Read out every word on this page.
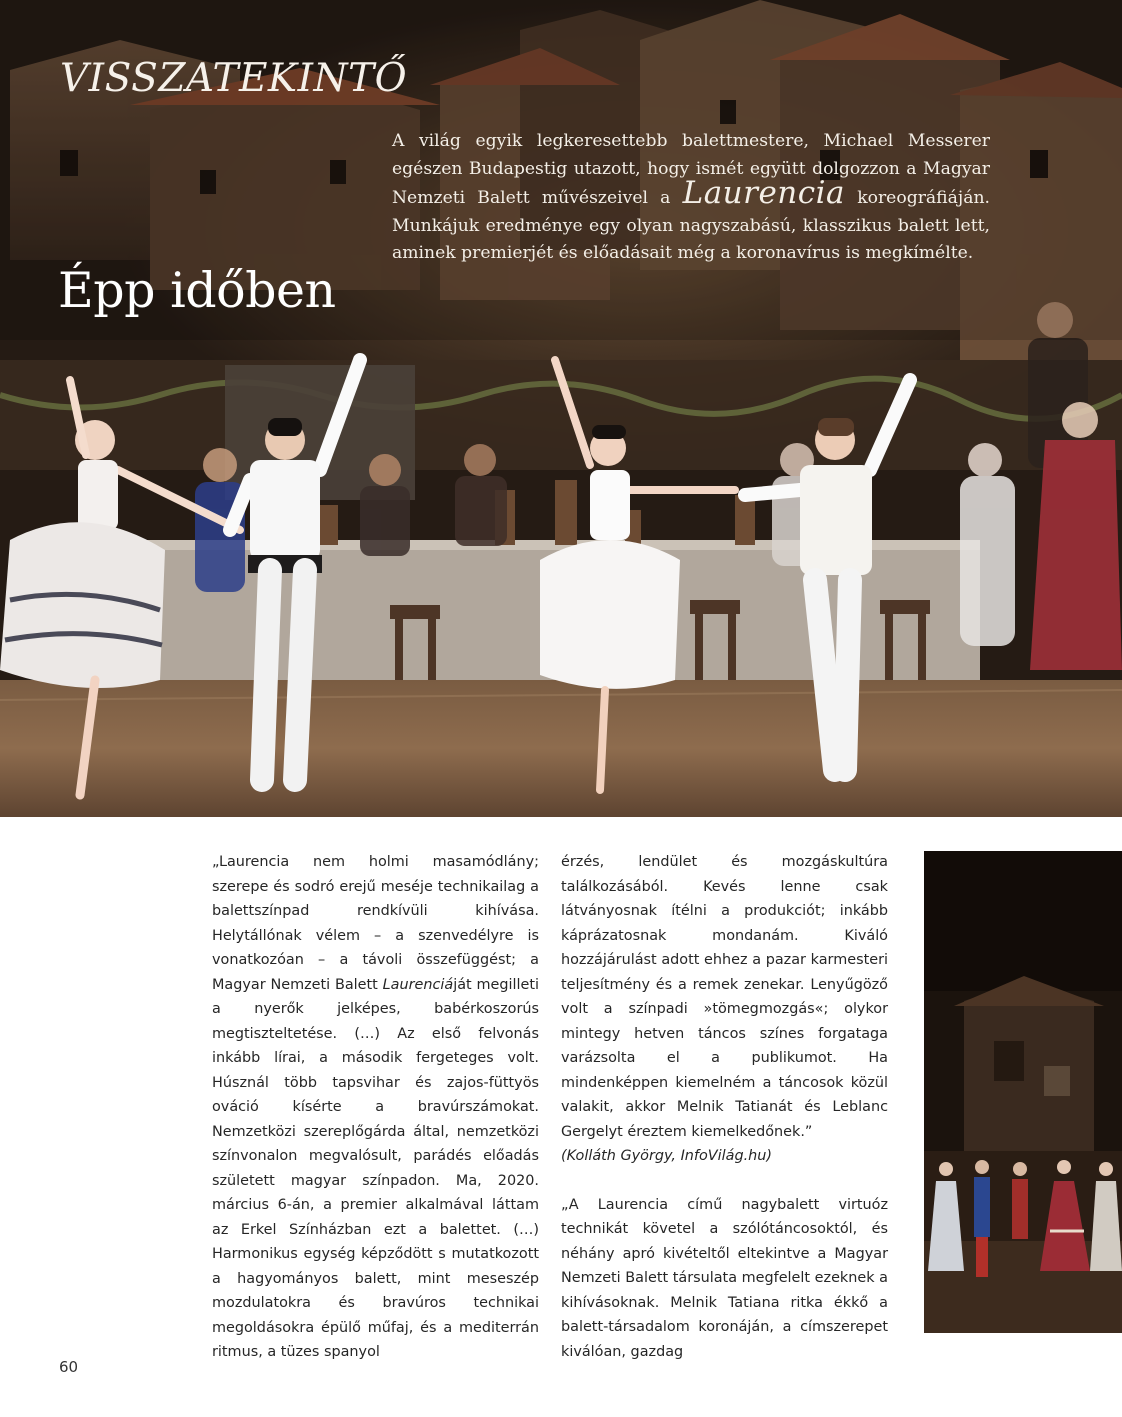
VISSZATEKINTŐ
Épp időben

A világ egyik legkeresettebb balettmestere, Michael Messerer egészen Budapestig utazott, hogy ismét együtt dolgozzon a Magyar Nemzeti Balett művészeivel a Laurencia koreográfiáján. Munkájuk eredménye egy olyan nagyszabású, klasszikus balett lett, aminek premierjét és előadásait még a koronavírus is megkímélte.

„Laurencia nem holmi masamódlány; szerepe és sodró erejű meséje technikailag a balettszínpad rendkívüli kihívása. Helytállónak vélem – a szenvedélyre is vonatkozóan – a távoli összefüggést; a Magyar Nemzeti Balett Laurenciáját megilleti a nyerők jelképes, babérkoszorús megtiszteltetése. (…) Az első felvonás inkább lírai, a második fergeteges volt. Húsznál több tapsvihar és zajos-füttyös ováció kísérte a bravúrszámokat. Nemzetközi szereplőgárda által, nemzetközi színvonalon megvalósult, parádés előadás született magyar színpadon. Ma, 2020. március 6-án, a premier alkalmával láttam az Erkel Színházban ezt a balettet. (…) Harmonikus egység képződött s mutatkozott a hagyományos balett, mint meseszép mozdulatokra és bravúros technikai megoldásokra épülő műfaj, és a mediterrán ritmus, a tüzes spanyol

érzés, lendület és mozgáskultúra találkozásából. Kevés lenne csak látványosnak ítélni a produkciót; inkább káprázatosnak mondanám. Kiváló hozzájárulást adott ehhez a pazar karmesteri teljesítmény és a remek zenekar. Lenyűgöző volt a színpadi »tömegmozgás«; olykor mintegy hetven táncos színes forgatagа varázsolta el a publikumot. Ha mindenképpen kiemelném a táncosok közül valakit, akkor Melnik Tatianát és Leblanc Gergelyt éreztem kiemelkedőnek.”

(Kolláth György, InfoVilág.hu)

„A Laurencia című nagybalett virtuóz technikát követel a szólótáncosoktól, és néhány apró kivételtől eltekintve a Magyar Nemzeti Balett társulata megfelelt ezeknek a kihívásoknak. Melnik Tatiana ritka ékkő a balett-társadalom koronáján, a címszerepet kiválóan, gazdag

60
